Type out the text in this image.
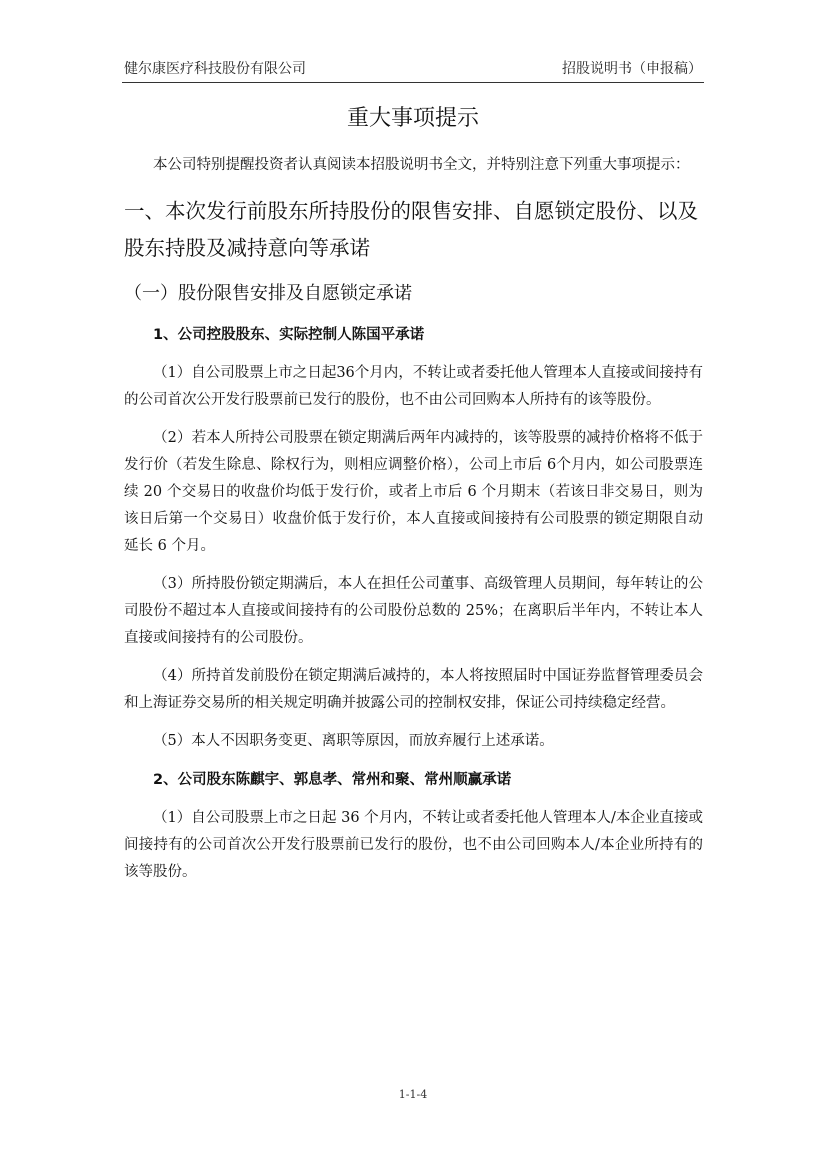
健尔康医疗科技股份有限公司	招股说明书（申报稿）
重大事项提示

本公司特别提醒投资者认真阅读本招股说明书全文，并特别注意下列重大事项提示：

一、本次发行前股东所持股份的限售安排、自愿锁定股份、以及股东持股及减持意向等承诺
（一）股份限售安排及自愿锁定承诺
1、公司控股股东、实际控制人陈国平承诺

（1）自公司股票上市之日起36个月内，不转让或者委托他人管理本人直接或间接持有的公司首次公开发行股票前已发行的股份，也不由公司回购本人所持有的该等股份。

（2）若本人所持公司股票在锁定期满后两年内减持的，该等股票的减持价格将不低于发行价（若发生除息、除权行为，则相应调整价格），公司上市后 6个月内，如公司股票连续 20 个交易日的收盘价均低于发行价，或者上市后 6 个月期末（若该日非交易日，则为该日后第一个交易日）收盘价低于发行价，本人直接或间接持有公司股票的锁定期限自动延长 6 个月。

（3）所持股份锁定期满后，本人在担任公司董事、高级管理人员期间，每年转让的公司股份不超过本人直接或间接持有的公司股份总数的 25%；在离职后半年内，不转让本人直接或间接持有的公司股份。

（4）所持首发前股份在锁定期满后减持的，本人将按照届时中国证券监督管理委员会和上海证券交易所的相关规定明确并披露公司的控制权安排，保证公司持续稳定经营。

（5）本人不因职务变更、离职等原因，而放弃履行上述承诺。

2、公司股东陈麒宇、郭息孝、常州和聚、常州顺赢承诺

（1）自公司股票上市之日起 36 个月内，不转让或者委托他人管理本人/本企业直接或间接持有的公司首次公开发行股票前已发行的股份，也不由公司回购本人/本企业所持有的该等股份。

1-1-4
